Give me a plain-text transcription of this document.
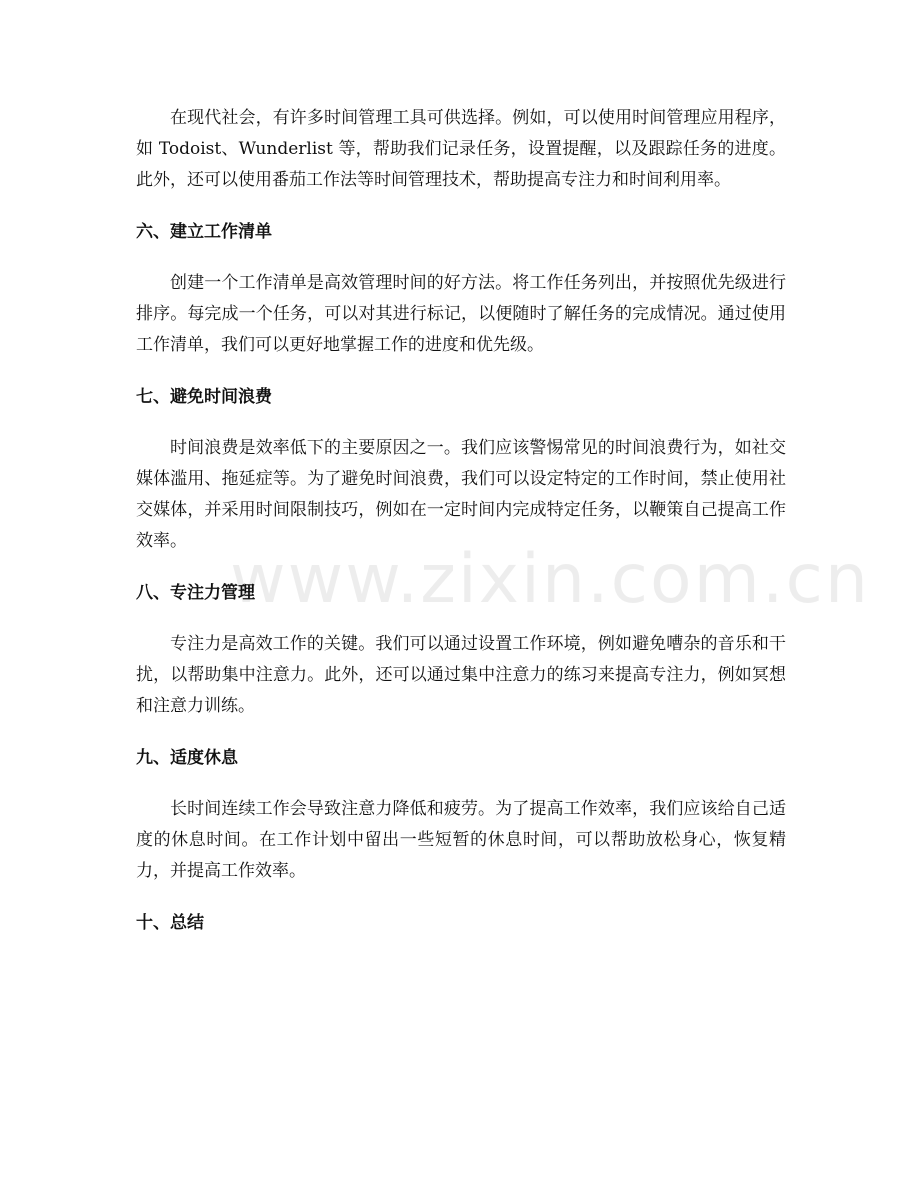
www.zixin.com.cn

在现代社会，有许多时间管理工具可供选择。例如，可以使用时间管理应用程序，如 Todoist、Wunderlist 等，帮助我们记录任务，设置提醒，以及跟踪任务的进度。此外，还可以使用番茄工作法等时间管理技术，帮助提高专注力和时间利用率。

六、建立工作清单

创建一个工作清单是高效管理时间的好方法。将工作任务列出，并按照优先级进行排序。每完成一个任务，可以对其进行标记，以便随时了解任务的完成情况。通过使用工作清单，我们可以更好地掌握工作的进度和优先级。

七、避免时间浪费

时间浪费是效率低下的主要原因之一。我们应该警惕常见的时间浪费行为，如社交媒体滥用、拖延症等。为了避免时间浪费，我们可以设定特定的工作时间，禁止使用社交媒体，并采用时间限制技巧，例如在一定时间内完成特定任务，以鞭策自己提高工作效率。

八、专注力管理

专注力是高效工作的关键。我们可以通过设置工作环境，例如避免嘈杂的音乐和干扰，以帮助集中注意力。此外，还可以通过集中注意力的练习来提高专注力，例如冥想和注意力训练。

九、适度休息

长时间连续工作会导致注意力降低和疲劳。为了提高工作效率，我们应该给自己适度的休息时间。在工作计划中留出一些短暂的休息时间，可以帮助放松身心，恢复精力，并提高工作效率。

十、总结
